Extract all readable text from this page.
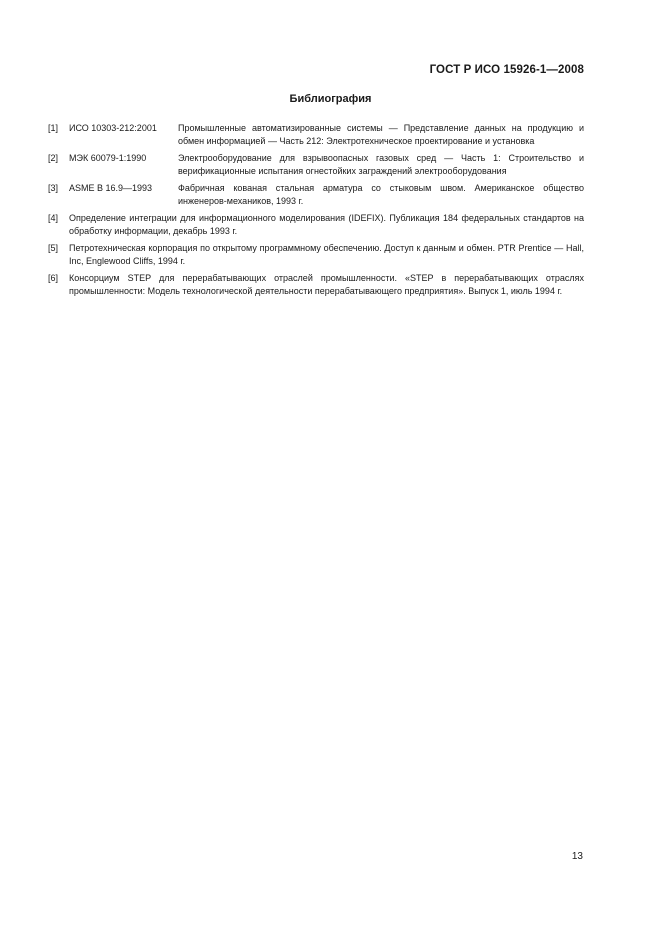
ГОСТ Р ИСО 15926-1—2008
Библиография
[1]	ИСО 10303-212:2001	Промышленные автоматизированные системы — Представление данных на продукцию и обмен информацией — Часть 212: Электротехническое проектирование и установка
[2]	МЭК 60079-1:1990	Электрооборудование для взрывоопасных газовых сред — Часть 1: Строительство и верификационные испытания огнестойких заграждений электрооборудования
[3]	ASME B 16.9—1993	Фабричная кованая стальная арматура со стыковым швом. Американское общество инженеров-механиков, 1993 г.
[4]	Определение интеграции для информационного моделирования (IDEFIX). Публикация 184 федеральных стандартов на обработку информации, декабрь 1993 г.
[5]	Петротехническая корпорация по открытому программному обеспечению. Доступ к данным и обмен. PTR Prentice — Hall, Inc, Englewood Cliffs, 1994 г.
[6]	Консорциум STEP для перерабатывающих отраслей промышленности. «STEP в перерабатывающих отраслях промышленности: Модель технологической деятельности перерабатывающего предприятия». Выпуск 1, июль 1994 г.
13
